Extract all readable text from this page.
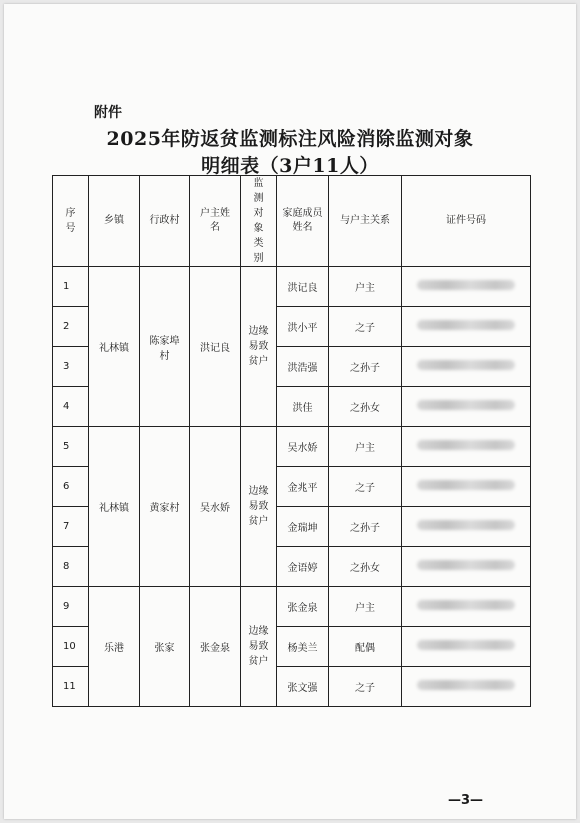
附件
2025年防返贫监测标注风险消除监测对象
明细表（3户11人）
序号	乡镇	行政村	户主姓名	监测对象类别	家庭成员姓名	与户主关系	证件号码
1	礼林镇	陈家埠村	洪记良	边缘易致贫户	洪记良	户主	
2					洪小平	之子	
3					洪浩强	之孙子	
4					洪佳	之孙女	
5	礼林镇	黄家村	吴水娇	边缘易致贫户	吴水娇	户主	
6					金兆平	之子	
7					金瑞坤	之孙子	
8					金语婷	之孙女	
9	乐港	张家	张金泉	边缘易致贫户	张金泉	户主	
10					杨美兰	配偶	
11					张文强	之子	
—3—
